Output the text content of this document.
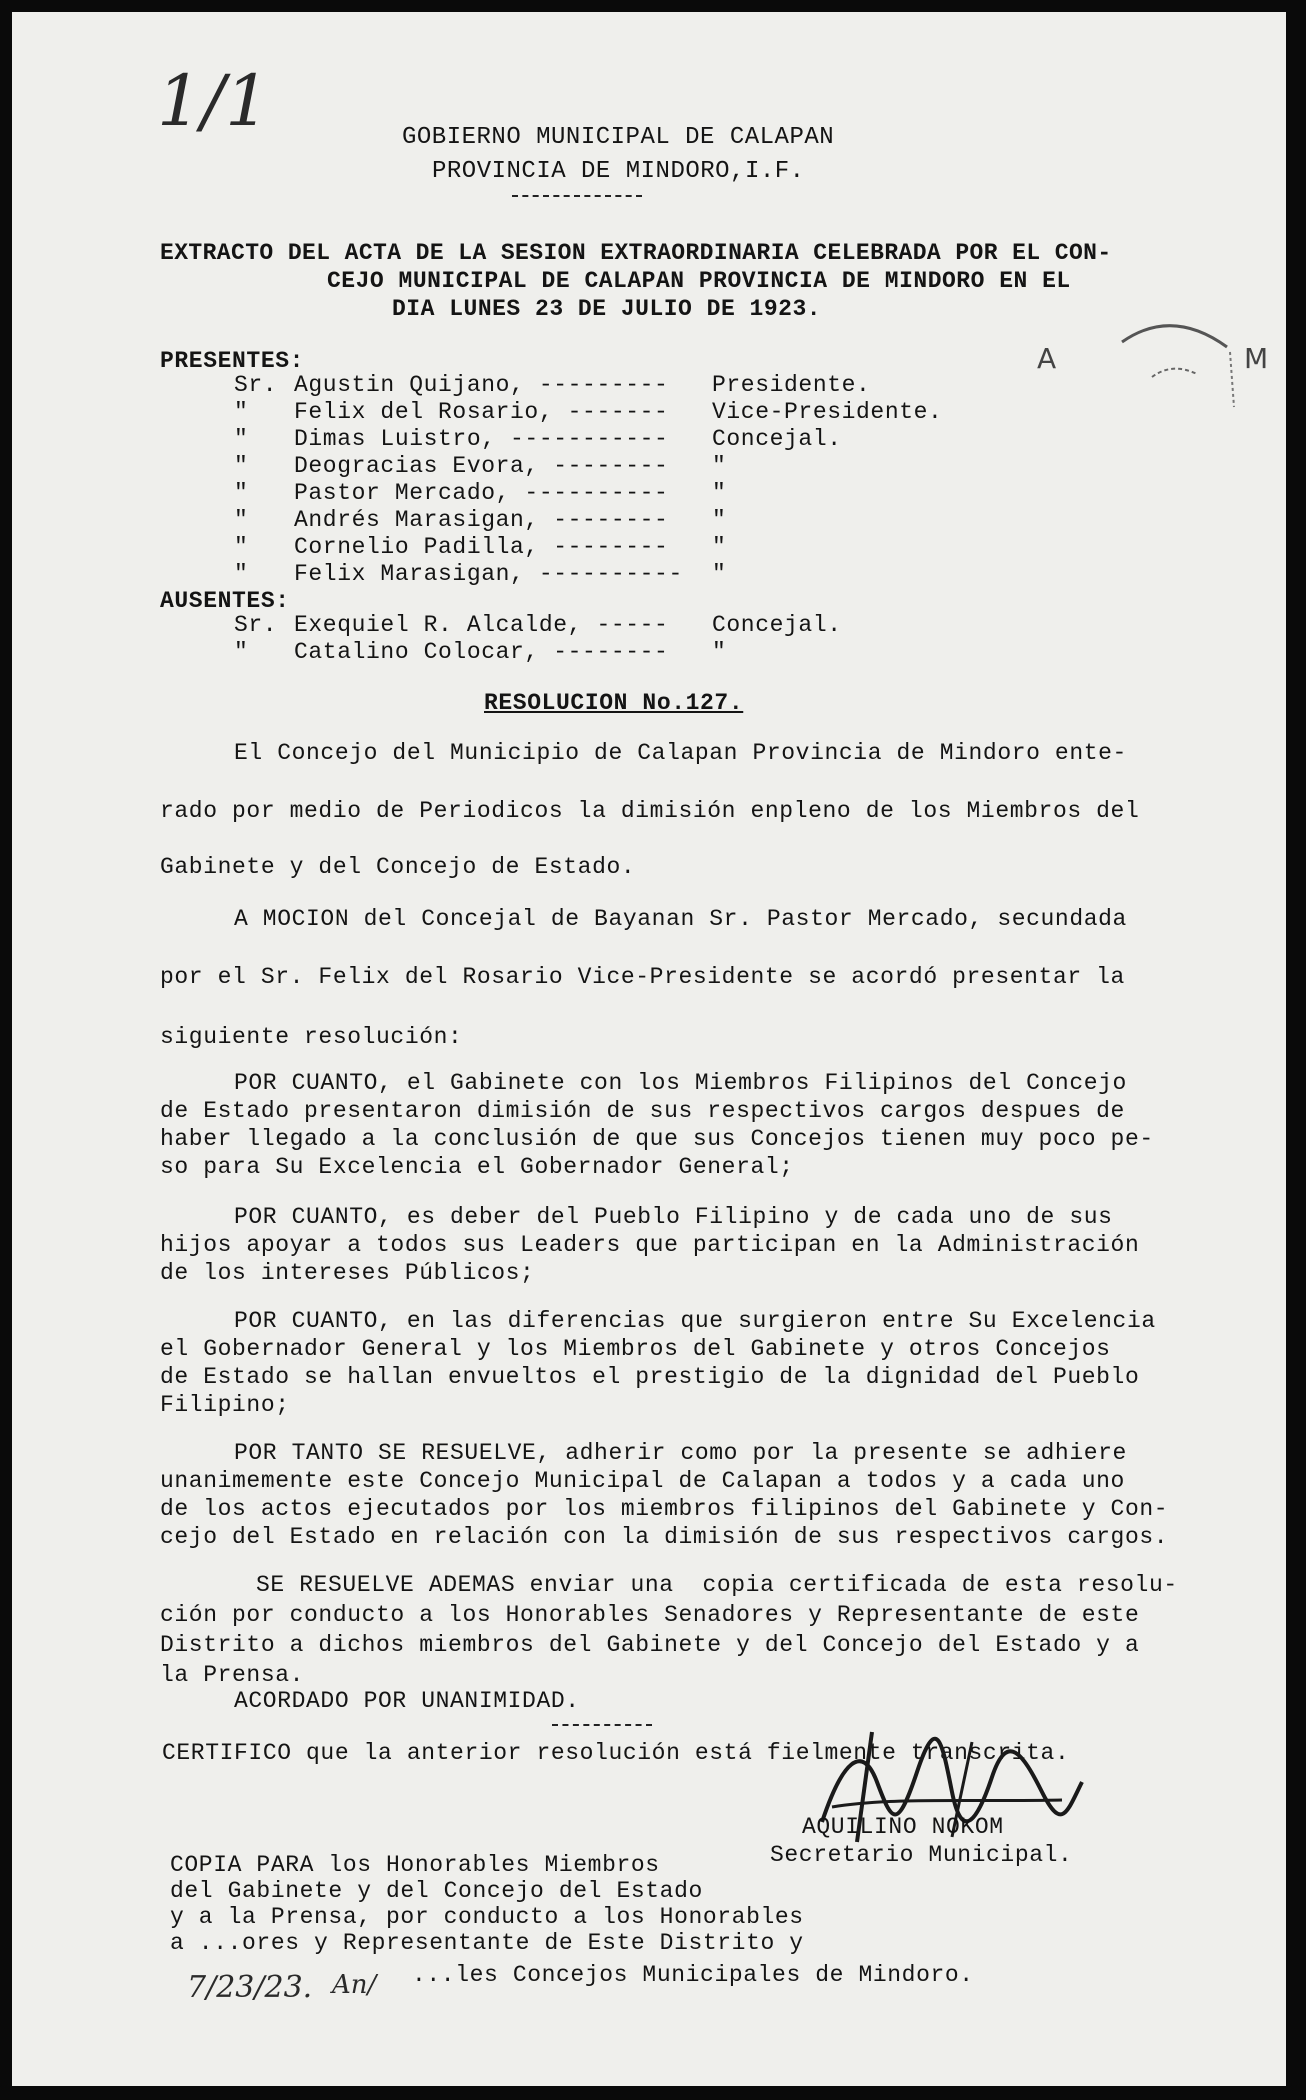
1/1	GOBIERNO MUNICIPAL DE CALAPAN
PROVINCIA DE MINDORO,I.F.
EXTRACTO DEL ACTA DE LA SESION EXTRAORDINARIA CELEBRADA POR EL CON-
CEJO MUNICIPAL DE CALAPAN PROVINCIA DE MINDORO EN EL
DIA LUNES 23 DE JULIO DE 1923.
A	M
PRESENTES:
Sr. Agustin Quijano, --------- Presidente.
" Felix del Rosario, ------- Vice-Presidente.
" Dimas Luistro, ----------- Concejal.
" Deogracias Evora, -------- "
" Pastor Mercado, ---------- "
" Andrés Marasigan, -------- "
" Cornelio Padilla, -------- "
" Felix Marasigan, ---------- "
AUSENTES:
Sr. Exequiel R. Alcalde, ----- Concejal.
" Catalino Colocar, -------- "
RESOLUCION No.127.
El Concejo del Municipio de Calapan Provincia de Mindoro ente-
rado por medio de Periodicos la dimisión enpleno de los Miembros del
Gabinete y del Concejo de Estado.
A MOCION del Concejal de Bayanan Sr. Pastor Mercado, secundada
por el Sr. Felix del Rosario Vice-Presidente se acordó presentar la
siguiente resolución:
POR CUANTO, el Gabinete con los Miembros Filipinos del Concejo
de Estado presentaron dimisión de sus respectivos cargos despues de
haber llegado a la conclusión de que sus Concejos tienen muy poco pe-
so para Su Excelencia el Gobernador General;
POR CUANTO, es deber del Pueblo Filipino y de cada uno de sus
hijos apoyar a todos sus Leaders que participan en la Administración
de los intereses Públicos;
POR CUANTO, en las diferencias que surgieron entre Su Excelencia
el Gobernador General y los Miembros del Gabinete y otros Concejos
de Estado se hallan envueltos el prestigio de la dignidad del Pueblo
Filipino;
POR TANTO SE RESUELVE, adherir como por la presente se adhiere
unanimemente este Concejo Municipal de Calapan a todos y a cada uno
de los actos ejecutados por los miembros filipinos del Gabinete y Con-
cejo del Estado en relación con la dimisión de sus respectivos cargos.
SE RESUELVE ADEMAS enviar una  copia certificada de esta resolu-
ción por conducto a los Honorables Senadores y Representante de este
Distrito a dichos miembros del Gabinete y del Concejo del Estado y a
la Prensa.
ACORDADO POR UNANIMIDAD.
CERTIFICO que la anterior resolución está fielmente transcrita.
AQUILINO NOKOM
Secretario Municipal.
COPIA PARA los Honorables Miembros
del Gabinete y del Concejo del Estado
y a la Prensa, por conducto a los Honorables
a ...ores y Representante de Este Distrito y
7/23/23. An/ ...les Concejos Municipales de Mindoro.
